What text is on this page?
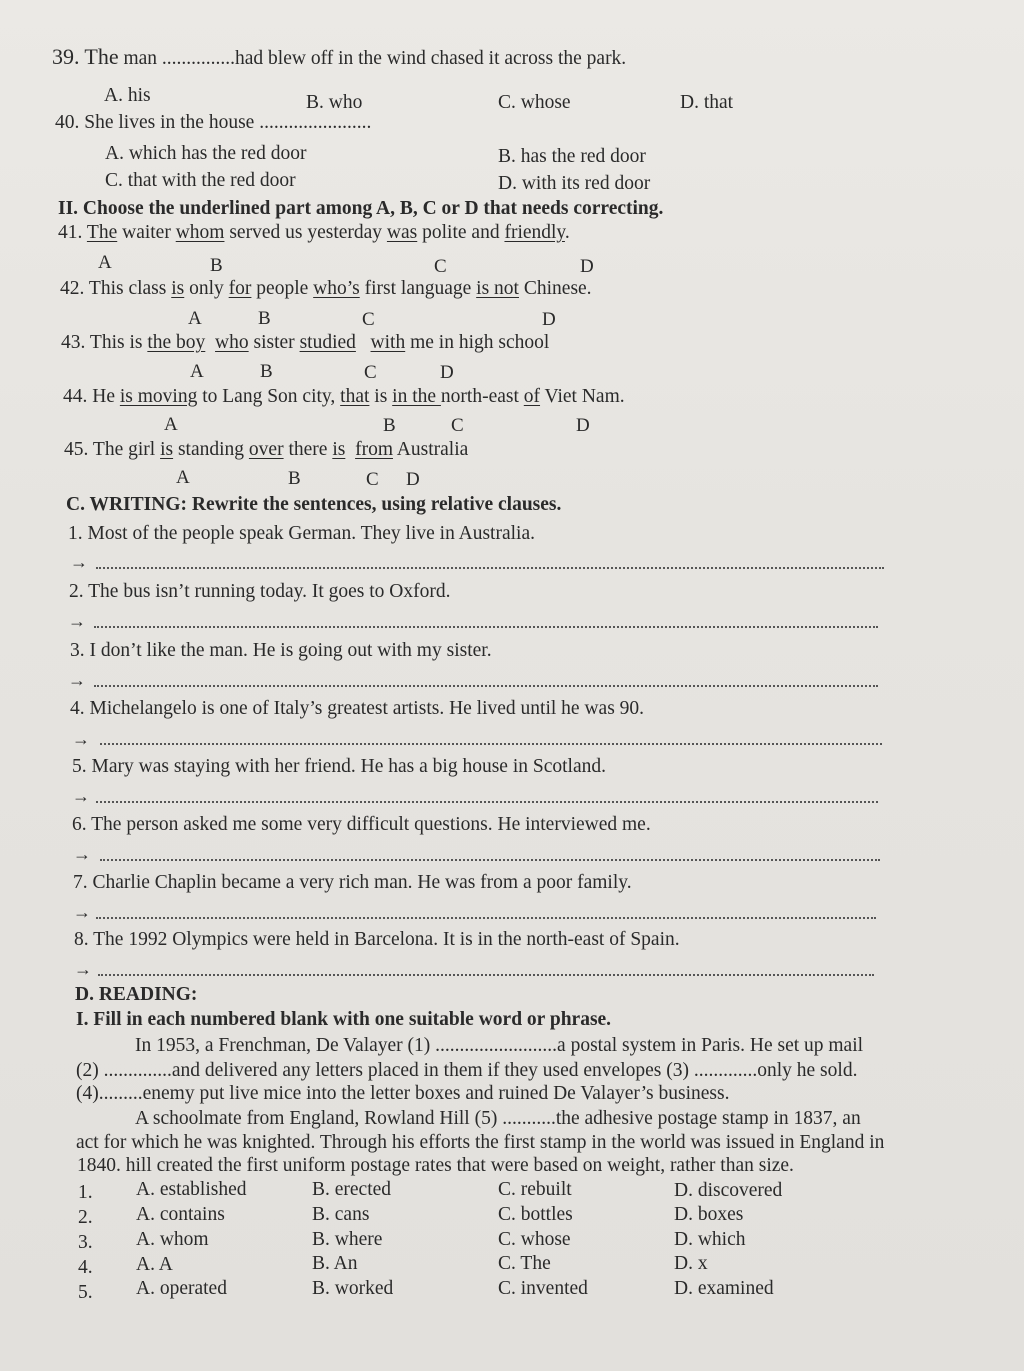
39. The man ...............had blew off in the wind chased it across the park.
A. his	B. who	C. whose	D. that
40. She lives in the house .......................
A. which has the red door	B. has the red door
C. that with the red door	D. with its red door
II. Choose the underlined part among A, B, C or D that needs correcting.
41. The waiter whom served us yesterday was polite and friendly.
A	B	C	D
42. This class is only for people who’s first language is not Chinese.
A	B	C	D
43. This is the boy who sister studied with me in high school
A	B	C	D
44. He is moving to Lang Son city, that is in the north-east of Viet Nam.
A	B	C	D
45. The girl is standing over there is from Australia
A	B	C D
C. WRITING: Rewrite the sentences, using relative clauses.
1. Most of the people speak German. They live in Australia.
→
2. The bus isn’t running today. It goes to Oxford.
→
3. I don’t like the man. He is going out with my sister.
→
4. Michelangelo is one of Italy’s greatest artists. He lived until he was 90.
→
5. Mary was staying with her friend. He has a big house in Scotland.
→
6. The person asked me some very difficult questions. He interviewed me.
→
7. Charlie Chaplin became a very rich man. He was from a poor family.
→
8. The 1992 Olympics were held in Barcelona. It is in the north-east of Spain.
→
D. READING:
I. Fill in each numbered blank with one suitable word or phrase.
In 1953, a Frenchman, De Valayer (1) .........................a postal system in Paris. He set up mail
(2) ..............and delivered any letters placed in them if they used envelopes (3) .............only he sold.
(4).........enemy put live mice into the letter boxes and ruined De Valayer’s business.
A schoolmate from England, Rowland Hill (5) ...........the adhesive postage stamp in 1837, an
act for which he was knighted. Through his efforts the first stamp in the world was issued in England in
1840. hill created the first uniform postage rates that were based on weight, rather than size.
1. A. established	B. erected	C. rebuilt	D. discovered
2. A. contains	B. cans	C. bottles	D. boxes
3. A. whom	B. where	C. whose	D. which
4. A. A	B. An	C. The	D. x
5. A. operated	B. worked	C. invented	D. examined
